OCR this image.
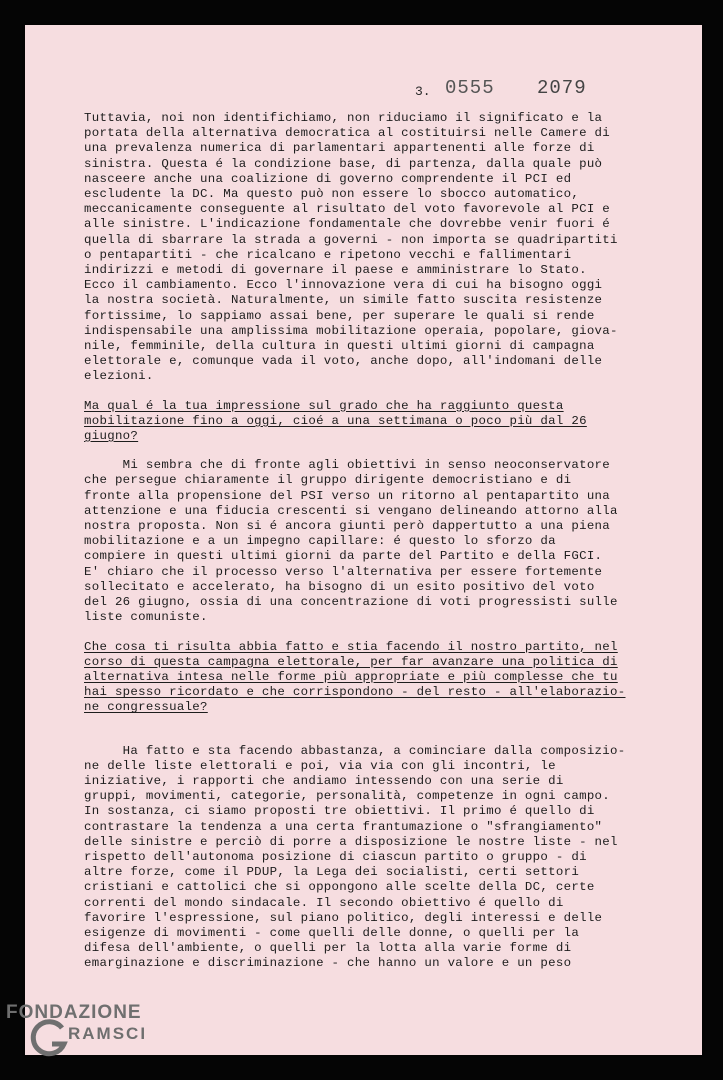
3. 0555 2079
Tuttavia, noi non identifichiamo, non riduciamo il significato e la
portata della alternativa democratica al costituirsi nelle Camere di
una prevalenza numerica di parlamentari appartenenti alle forze di
sinistra. Questa é la condizione base, di partenza, dalla quale può
nasceere anche una coalizione di governo comprendente il PCI ed
escludente la DC. Ma questo può non essere lo sbocco automatico,
meccanicamente conseguente al risultato del voto favorevole al PCI e
alle sinistre. L'indicazione fondamentale che dovrebbe venir fuori é
quella di sbarrare la strada a governi - non importa se quadripartiti
o pentapartiti - che ricalcano e ripetono vecchi e fallimentari
indirizzi e metodi di governare il paese e amministrare lo Stato.
Ecco il cambiamento. Ecco l'innovazione vera di cui ha bisogno oggi
la nostra società. Naturalmente, un simile fatto suscita resistenze
fortissime, lo sappiamo assai bene, per superare le quali si rende
indispensabile una amplissima mobilitazione operaia, popolare, giova-
nile, femminile, della cultura in questi ultimi giorni di campagna
elettorale e, comunque vada il voto, anche dopo, all'indomani delle
elezioni.
Ma qual é la tua impressione sul grado che ha raggiunto questa
mobilitazione fino a oggi, cioé a una settimana o poco più dal 26
giugno?
Mi sembra che di fronte agli obiettivi in senso neoconservatore
che persegue chiaramente il gruppo dirigente democristiano e di
fronte alla propensione del PSI verso un ritorno al pentapartito una
attenzione e una fiducia crescenti si vengano delineando attorno alla
nostra proposta. Non si é ancora giunti però dappertutto a una piena
mobilitazione e a un impegno capillare: é questo lo sforzo da
compiere in questi ultimi giorni da parte del Partito e della FGCI.
E' chiaro che il processo verso l'alternativa per essere fortemente
sollecitato e accelerato, ha bisogno di un esito positivo del voto
del 26 giugno, ossia di una concentrazione di voti progressisti sulle
liste comuniste.
Che cosa ti risulta abbia fatto e stia facendo il nostro partito, nel
corso di questa campagna elettorale, per far avanzare una politica di
alternativa intesa nelle forme più appropriate e più complesse che tu
hai spesso ricordato e che corrispondono - del resto - all'elaborazio-
ne congressuale?
Ha fatto e sta facendo abbastanza, a cominciare dalla composizio-
ne delle liste elettorali e poi, via via con gli incontri, le
iniziative, i rapporti che andiamo intessendo con una serie di
gruppi, movimenti, categorie, personalità, competenze in ogni campo.
In sostanza, ci siamo proposti tre obiettivi. Il primo é quello di
contrastare la tendenza a una certa frantumazione o "sfrangiamento"
delle sinistre e perciò di porre a disposizione le nostre liste - nel
rispetto dell'autonoma posizione di ciascun partito o gruppo - di
altre forze, come il PDUP, la Lega dei socialisti, certi settori
cristiani e cattolici che si oppongono alle scelte della DC, certe
correnti del mondo sindacale. Il secondo obiettivo é quello di
favorire l'espressione, sul piano politico, degli interessi e delle
esigenze di movimenti - come quelli delle donne, o quelli per la
difesa dell'ambiente, o quelli per la lotta alla varie forme di
emarginazione e discriminazione - che hanno un valore e un peso
FONDAZIONE
RAMSCI
